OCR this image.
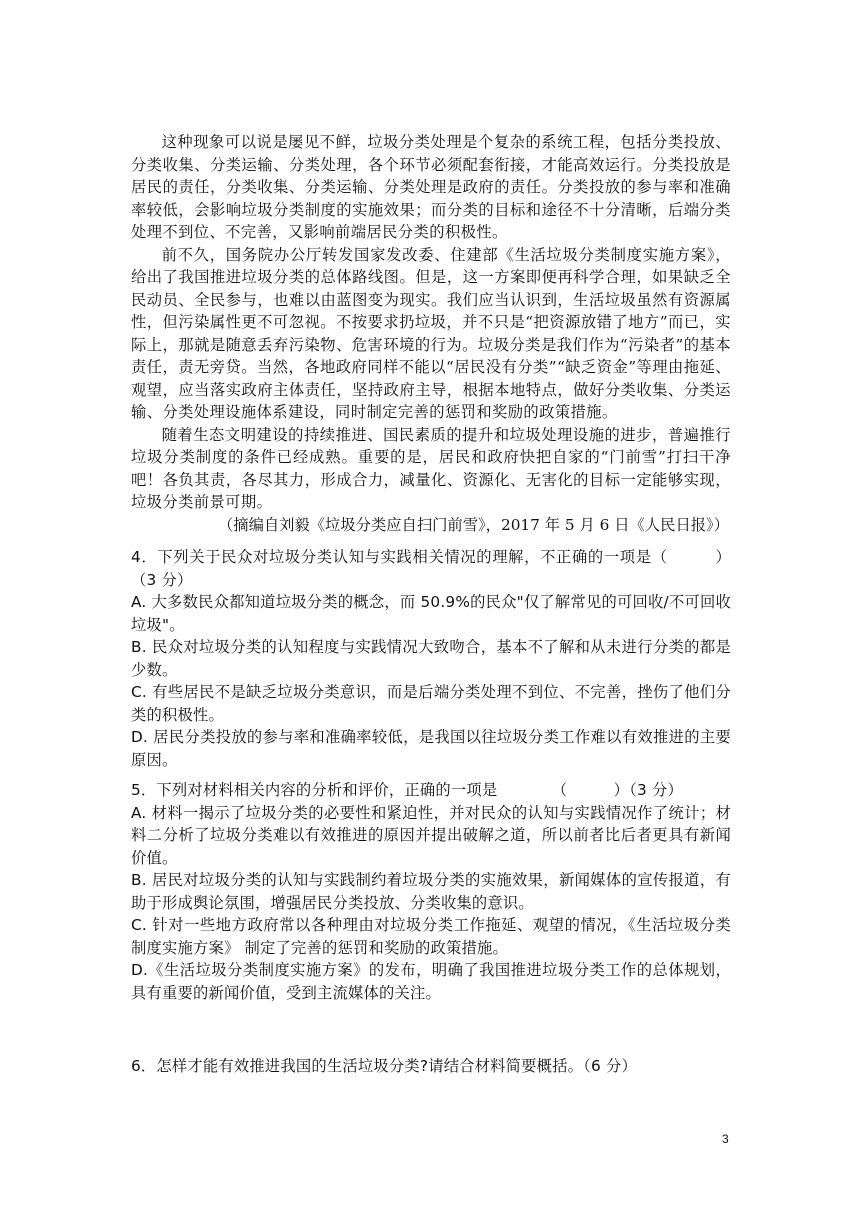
这种现象可以说是屡见不鲜，垃圾分类处理是个复杂的系统工程，包括分类投放、分类收集、分类运输、分类处理，各个环节必须配套衔接，才能高效运行。分类投放是居民的责任，分类收集、分类运输、分类处理是政府的责任。分类投放的参与率和准确率较低，会影响垃圾分类制度的实施效果；而分类的目标和途径不十分清晰，后端分类处理不到位、不完善，又影响前端居民分类的积极性。

前不久，国务院办公厅转发国家发改委、住建部《生活垃圾分类制度实施方案》，给出了我国推进垃圾分类的总体路线图。但是，这一方案即便再科学合理，如果缺乏全民动员、全民参与，也难以由蓝图变为现实。我们应当认识到，生活垃圾虽然有资源属性，但污染属性更不可忽视。不按要求扔垃圾，并不只是“把资源放错了地方”而已，实际上，那就是随意丢弃污染物、危害环境的行为。垃圾分类是我们作为“污染者”的基本责任，责无旁贷。当然，各地政府同样不能以“居民没有分类”“缺乏资金”等理由拖延、观望，应当落实政府主体责任，坚持政府主导，根据本地特点，做好分类收集、分类运输、分类处理设施体系建设，同时制定完善的惩罚和奖励的政策措施。

随着生态文明建设的持续推进、国民素质的提升和垃圾处理设施的进步，普遍推行垃圾分类制度的条件已经成熟。重要的是，居民和政府快把自家的“门前雪”打扫干净吧！各负其责，各尽其力，形成合力，减量化、资源化、无害化的目标一定能够实现，垃圾分类前景可期。

（摘编自刘毅《垃圾分类应自扫门前雪》，2017 年 5 月 6 日《人民日报》）

4．下列关于民众对垃圾分类认知与实践相关情况的理解，不正确的一项是（　　　）（3 分）

A. 大多数民众都知道垃圾分类的概念，而 50.9%的民众"仅了解常见的可回收/不可回收垃圾"。

B. 民众对垃圾分类的认知程度与实践情况大致吻合，基本不了解和从未进行分类的都是少数。

C. 有些居民不是缺乏垃圾分类意识，而是后端分类处理不到位、不完善，挫伤了他们分类的积极性。

D. 居民分类投放的参与率和准确率较低，是我国以往垃圾分类工作难以有效推进的主要原因。

5．下列对材料相关内容的分析和评价，正确的一项是　　　　（　　　）（3 分）

A. 材料一揭示了垃圾分类的必要性和紧迫性，并对民众的认知与实践情况作了统计；材料二分析了垃圾分类难以有效推进的原因并提出破解之道，所以前者比后者更具有新闻价值。

B. 居民对垃圾分类的认知与实践制约着垃圾分类的实施效果，新闻媒体的宣传报道，有助于形成舆论氛围，增强居民分类投放、分类收集的意识。

C. 针对一些地方政府常以各种理由对垃圾分类工作拖延、观望的情况，《生活垃圾分类制度实施方案》 制定了完善的惩罚和奖励的政策措施。

D.《生活垃圾分类制度实施方案》的发布，明确了我国推进垃圾分类工作的总体规划，具有重要的新闻价值，受到主流媒体的关注。

6．怎样才能有效推进我国的生活垃圾分类?请结合材料简要概括。（6 分）

3
